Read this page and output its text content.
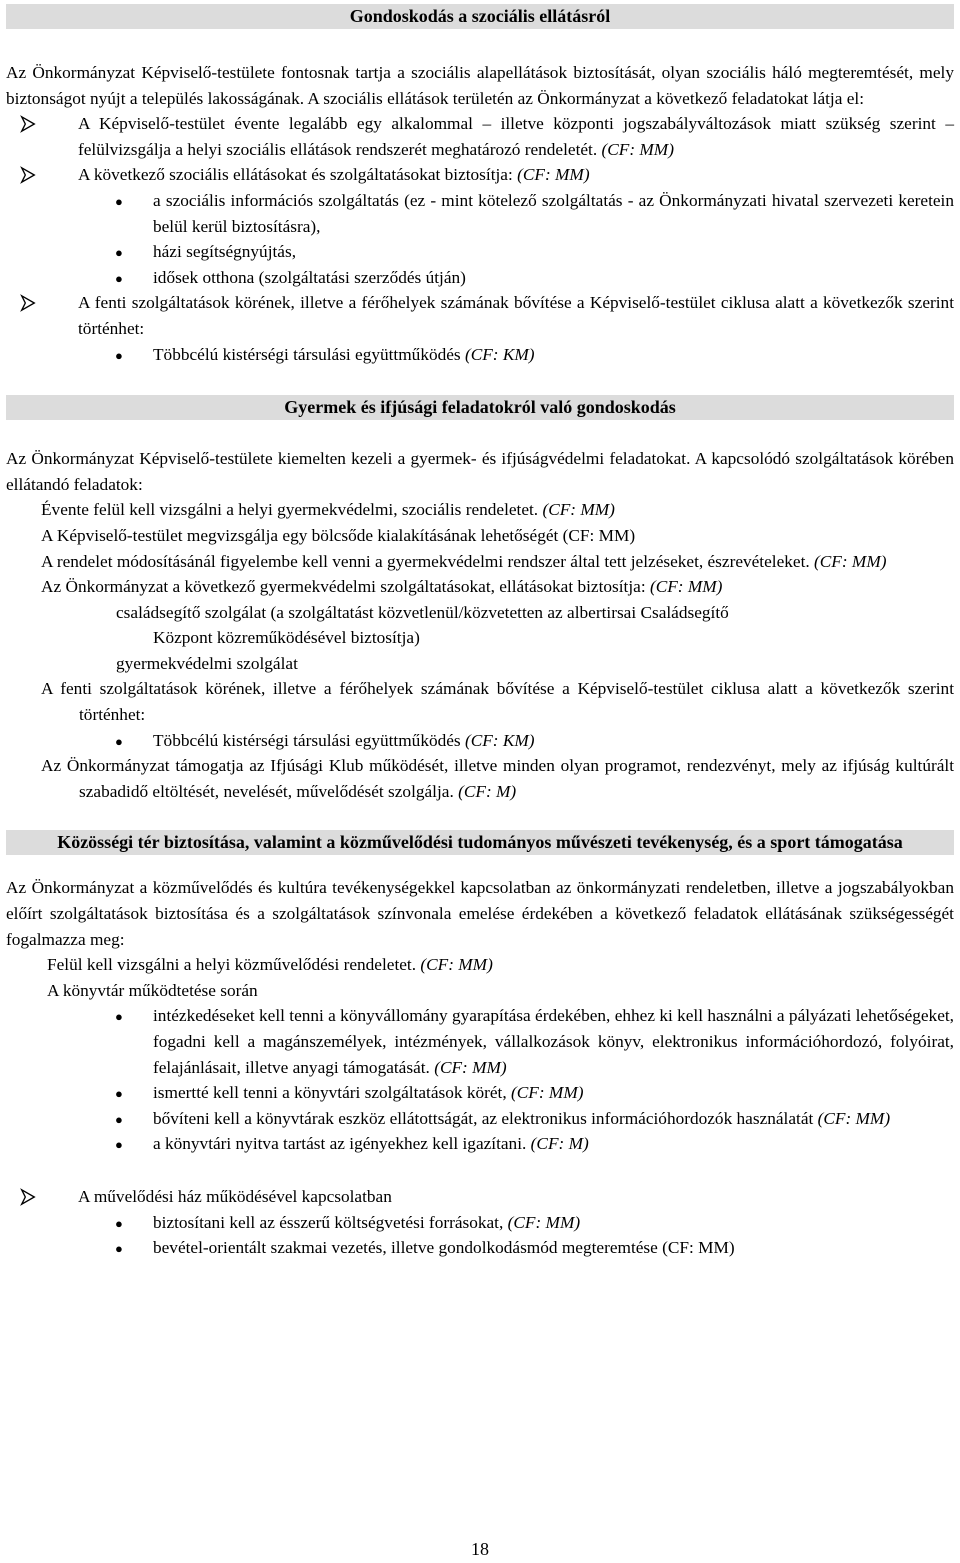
Gondoskodás a szociális ellátásról

Az Önkormányzat Képviselő-testülete fontosnak tartja a szociális alapellátások biztosítását, olyan szociális háló megteremtését, mely biztonságot nyújt a település lakosságának. A szociális ellátások területén az Önkormányzat a következő feladatokat látja el:

A Képviselő-testület évente legalább egy alkalommal – illetve központi jogszabályváltozások miatt szükség szerint – felülvizsgálja a helyi szociális ellátások rendszerét meghatározó rendeletét. (CF: MM)
A következő szociális ellátásokat és szolgáltatásokat biztosítja: (CF: MM)
●
a szociális információs szolgáltatás (ez - mint kötelező szolgáltatás - az Önkormányzati hivatal szervezeti keretein belül kerül biztosításra),
●
házi segítségnyújtás,
●
idősek otthona (szolgáltatási szerződés útján)
A fenti szolgáltatások körének, illetve a férőhelyek számának bővítése a Képviselő-testület ciklusa alatt a következők szerint történhet:
●
Többcélú kistérségi társulási együttműködés (CF: KM)
Gyermek és ifjúsági feladatokról való gondoskodás

Az Önkormányzat Képviselő-testülete kiemelten kezeli a gyermek- és ifjúságvédelmi feladatokat. A kapcsolódó szolgáltatások körében ellátandó feladatok:

Évente felül kell vizsgálni a helyi gyermekvédelmi, szociális rendeletet. (CF: MM)

A Képviselő-testület megvizsgálja egy bölcsőde kialakításának lehetőségét (CF: MM)

A rendelet módosításánál figyelembe kell venni a gyermekvédelmi rendszer által tett jelzéseket, észrevételeket. (CF: MM)

Az Önkormányzat a következő gyermekvédelmi szolgáltatásokat, ellátásokat biztosítja: (CF: MM)

családsegítő szolgálat (a szolgáltatást közvetlenül/közvetetten az albertirsai Családsegítő

Központ közreműködésével biztosítja)

gyermekvédelmi szolgálat

A fenti szolgáltatások körének, illetve a férőhelyek számának bővítése a Képviselő-testület ciklusa alatt a következők szerint történhet:

●
Többcélú kistérségi társulási együttműködés (CF: KM)

Az Önkormányzat támogatja az Ifjúsági Klub működését, illetve minden olyan programot, rendezvényt, mely az ifjúság kultúrált szabadidő eltöltését, nevelését, művelődését szolgálja. (CF: M)

Közösségi tér biztosítása, valamint a közművelődési tudományos művészeti tevékenység, és a sport támogatása

Az Önkormányzat a közművelődés és kultúra tevékenységekkel kapcsolatban az önkormányzati rendeletben, illetve a jogszabályokban előírt szolgáltatások biztosítása és a szolgáltatások színvonala emelése érdekében a következő feladatok ellátásának szükségességét fogalmazza meg:

Felül kell vizsgálni a helyi közművelődési rendeletet. (CF: MM)

A könyvtár működtetése során

●
intézkedéseket kell tenni a könyvállomány gyarapítása érdekében, ehhez ki kell használni a pályázati lehetőségeket, fogadni kell a magánszemélyek, intézmények, vállalkozások könyv, elektronikus információhordozó, folyóirat, felajánlásait, illetve anyagi támogatását. (CF: MM)
●
ismertté kell tenni a könyvtári szolgáltatások körét, (CF: MM)
●
bővíteni kell a könyvtárak eszköz ellátottságát, az elektronikus információhordozók használatát (CF: MM)
●
a könyvtári nyitva tartást az igényekhez kell igazítani. (CF: M)
A művelődési ház működésével kapcsolatban
●
biztosítani kell az ésszerű költségvetési forrásokat, (CF: MM)
●
bevétel-orientált szakmai vezetés, illetve gondolkodásmód megteremtése (CF: MM)
18
